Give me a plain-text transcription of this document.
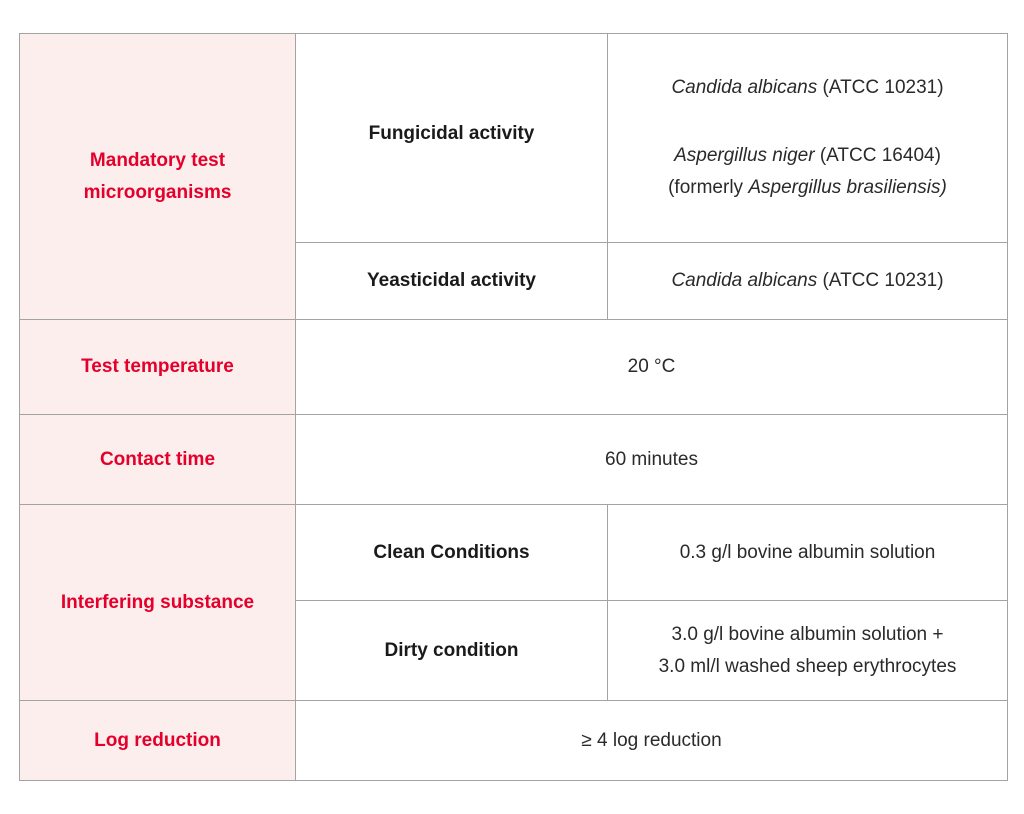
Mandatory test
microorganisms	Fungicidal activity	Candida albicans (ATCC 10231)
Aspergillus niger (ATCC 16404)
(formerly Aspergillus brasiliensis)

	Yeasticidal activity	Candida albicans (ATCC 10231)
Test temperature	20 °C	
Contact time	60 minutes	
Interfering substance	Clean Conditions	0.3 g/l bovine albumin solution
	Dirty condition	3.0 g/l bovine albumin solution +
3.0 ml/l washed sheep erythrocytes

Log reduction	≥ 4 log reduction	
